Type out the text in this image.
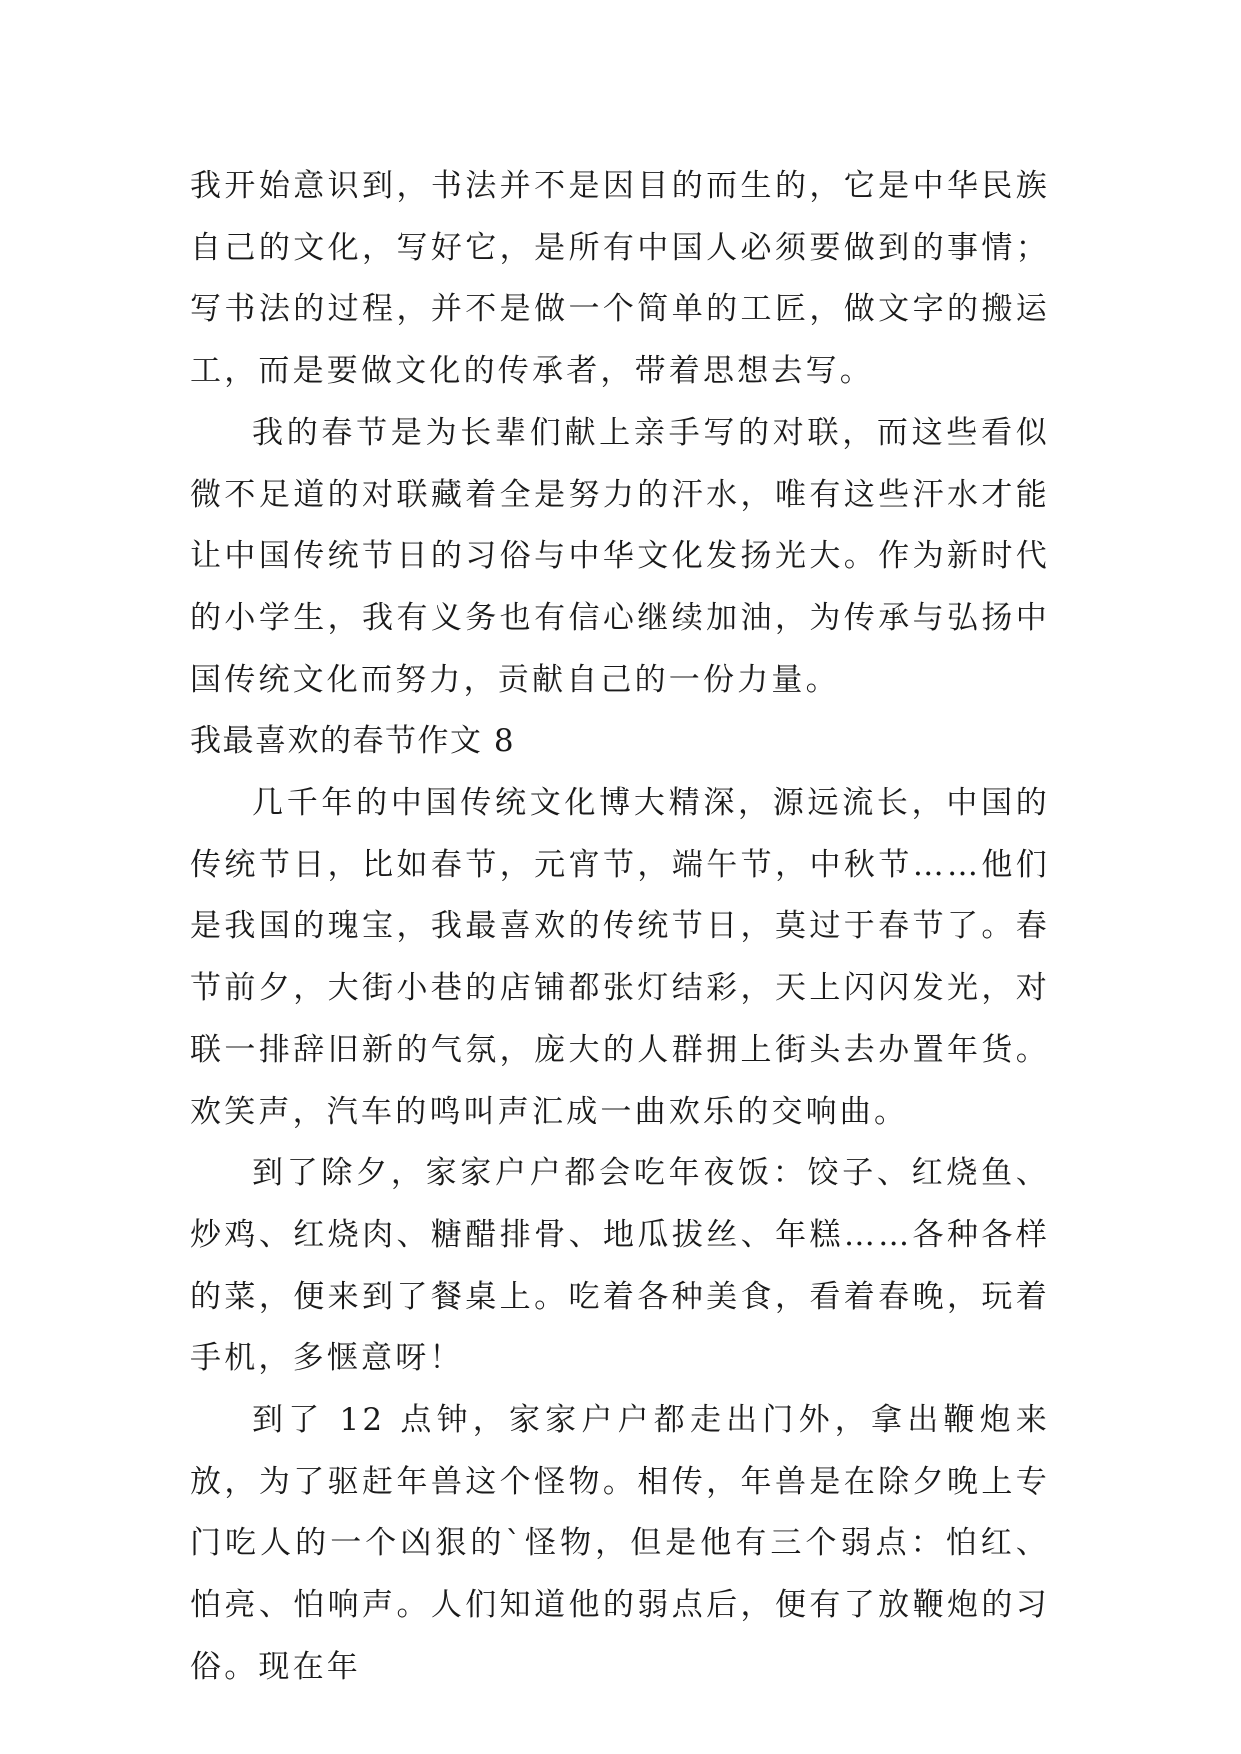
我开始意识到，书法并不是因目的而生的，它是中华民族自己的文化，写好它，是所有中国人必须要做到的事情；写书法的过程，并不是做一个简单的工匠，做文字的搬运工，而是要做文化的传承者，带着思想去写。

我的春节是为长辈们献上亲手写的对联，而这些看似微不足道的对联藏着全是努力的汗水，唯有这些汗水才能让中国传统节日的习俗与中华文化发扬光大。作为新时代的小学生，我有义务也有信心继续加油，为传承与弘扬中国传统文化而努力，贡献自己的一份力量。

我最喜欢的春节作文 8

几千年的中国传统文化博大精深，源远流长，中国的传统节日，比如春节，元宵节，端午节，中秋节……他们是我国的瑰宝，我最喜欢的传统节日，莫过于春节了。春节前夕，大街小巷的店铺都张灯结彩，天上闪闪发光，对联一排辞旧新的气氛，庞大的人群拥上街头去办置年货。欢笑声，汽车的鸣叫声汇成一曲欢乐的交响曲。

到了除夕，家家户户都会吃年夜饭：饺子、红烧鱼、炒鸡、红烧肉、糖醋排骨、地瓜拔丝、年糕……各种各样的菜，便来到了餐桌上。吃着各种美食，看着春晚，玩着手机，多惬意呀！

到了 12 点钟，家家户户都走出门外，拿出鞭炮来放，为了驱赶年兽这个怪物。相传，年兽是在除夕晚上专门吃人的一个凶狠的`怪物，但是他有三个弱点：怕红、怕亮、怕响声。人们知道他的弱点后，便有了放鞭炮的习俗。现在年
